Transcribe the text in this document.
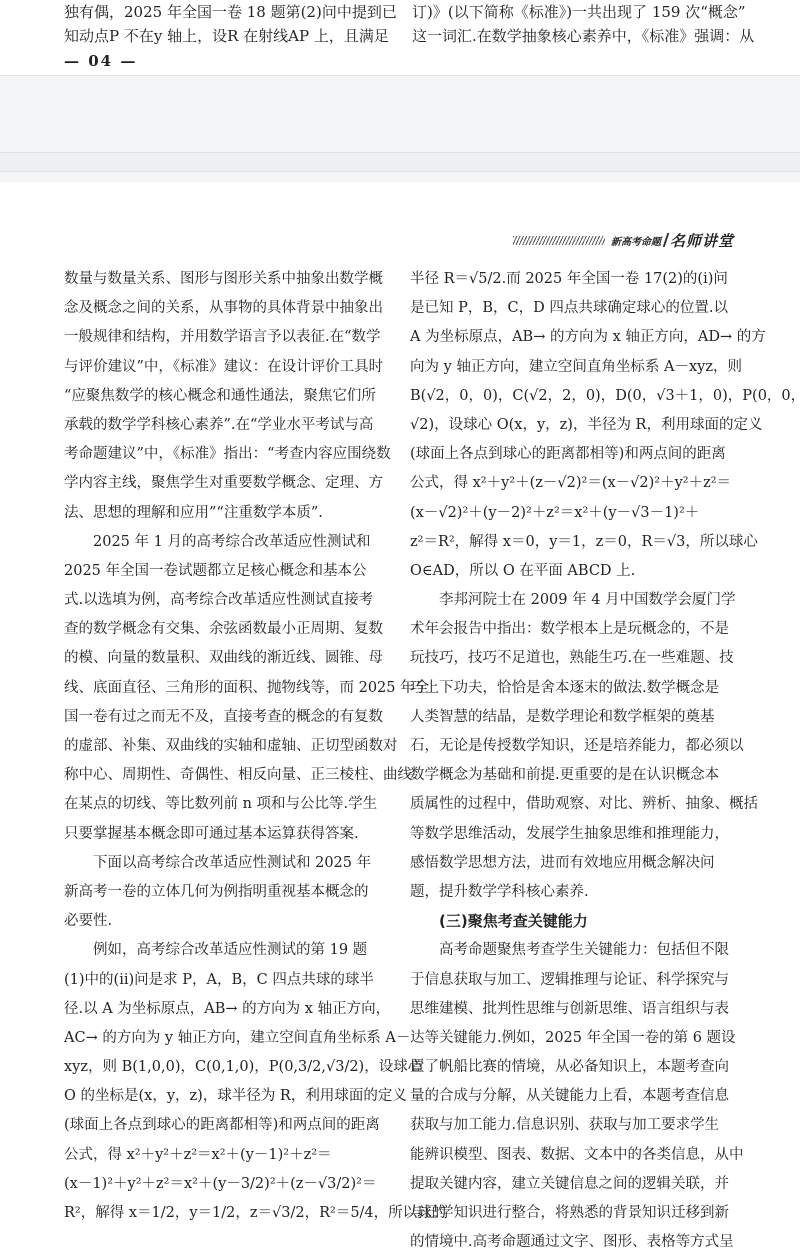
独有偶，2025 年全国一卷 18 题第(2)问中提到已
知动点P 不在y 轴上，设R 在射线AP 上，且满足
订)》(以下简称《标准》)一共出现了 159 次“概念”
这一词汇.在数学抽象核心素养中，《标准》强调：从
— 04 —
新高考命题 名师讲堂
数量与数量关系、图形与图形关系中抽象出数学概
念及概念之间的关系，从事物的具体背景中抽象出
一般规律和结构，并用数学语言予以表征.在“数学
与评价建议”中，《标准》建议：在设计评价工具时
“应聚焦数学的核心概念和通性通法，聚焦它们所
承载的数学学科核心素养”.在“学业水平考试与高
考命题建议”中，《标准》指出：“考查内容应围绕数
学内容主线，聚焦学生对重要数学概念、定理、方
法、思想的理解和应用”“注重数学本质”.
2025 年 1 月的高考综合改革适应性测试和
2025 年全国一卷试题都立足核心概念和基本公
式.以选填为例，高考综合改革适应性测试直接考
查的数学概念有交集、余弦函数最小正周期、复数
的模、向量的数量积、双曲线的渐近线、圆锥、母
线、底面直径、三角形的面积、抛物线等，而 2025 年全
国一卷有过之而无不及，直接考查的概念的有复数
的虚部、补集、双曲线的实轴和虚轴、正切型函数对
称中心、周期性、奇偶性、相反向量、正三棱柱、曲线
在某点的切线、等比数列前 n 项和与公比等.学生
只要掌握基本概念即可通过基本运算获得答案.
下面以高考综合改革适应性测试和 2025 年
新高考一卷的立体几何为例指明重视基本概念的
必要性.
例如，高考综合改革适应性测试的第 19 题
(1)中的(ⅱ)问是求 P，A，B，C 四点共球的球半
径.以 A 为坐标原点，AB→ 的方向为 x 轴正方向，
AC→ 的方向为 y 轴正方向，建立空间直角坐标系 A－
xyz，则 B(1,0,0)，C(0,1,0)，P(0,3/2,√3/2)，设球心
O 的坐标是(x，y，z)，球半径为 R，利用球面的定义
(球面上各点到球心的距离都相等)和两点间的距离
公式，得 x²＋y²＋z²＝x²＋(y－1)²＋z²＝
(x－1)²＋y²＋z²＝x²＋(y－3/2)²＋(z－√3/2)²＝
R²，解得 x＝1/2，y＝1/2，z＝√3/2，R²＝5/4，所以球的
半径 R＝√5/2.而 2025 年全国一卷 17(2)的(ⅰ)问
是已知 P，B，C，D 四点共球确定球心的位置.以
A 为坐标原点，AB→ 的方向为 x 轴正方向，AD→ 的方
向为 y 轴正方向，建立空间直角坐标系 A－xyz，则
B(√2，0，0)，C(√2，2，0)，D(0，√3＋1，0)，P(0，0，
√2)，设球心 O(x，y，z)，半径为 R，利用球面的定义
(球面上各点到球心的距离都相等)和两点间的距离
公式，得 x²＋y²＋(z－√2)²＝(x－√2)²＋y²＋z²＝
(x－√2)²＋(y－2)²＋z²＝x²＋(y－√3－1)²＋
z²＝R²，解得 x＝0，y＝1，z＝0，R＝√3，所以球心
O∈AD，所以 O 在平面 ABCD 上.
李邦河院士在 2009 年 4 月中国数学会厦门学
术年会报告中指出：数学根本上是玩概念的，不是
玩技巧，技巧不足道也，熟能生巧.在一些难题、技
巧上下功夫，恰恰是舍本逐末的做法.数学概念是
人类智慧的结晶，是数学理论和数学框架的奠基
石，无论是传授数学知识，还是培养能力，都必须以
数学概念为基础和前提.更重要的是在认识概念本
质属性的过程中，借助观察、对比、辨析、抽象、概括
等数学思维活动，发展学生抽象思维和推理能力，
感悟数学思想方法，进而有效地应用概念解决问
题，提升数学学科核心素养.
(三)聚焦考查关键能力
高考命题聚焦考查学生关键能力：包括但不限
于信息获取与加工、逻辑推理与论证、科学探究与
思维建模、批判性思维与创新思维、语言组织与表
达等关键能力.例如，2025 年全国一卷的第 6 题设
置了帆船比赛的情境，从必备知识上，本题考查向
量的合成与分解，从关键能力上看，本题考查信息
获取与加工能力.信息识别、获取与加工要求学生
能辨识模型、图表、数据、文本中的各类信息，从中
提取关键内容，建立关键信息之间的逻辑关联，并
与已学知识进行整合，将熟悉的背景知识迁移到新
的情境中.高考命题通过文字、图形、表格等方式呈
